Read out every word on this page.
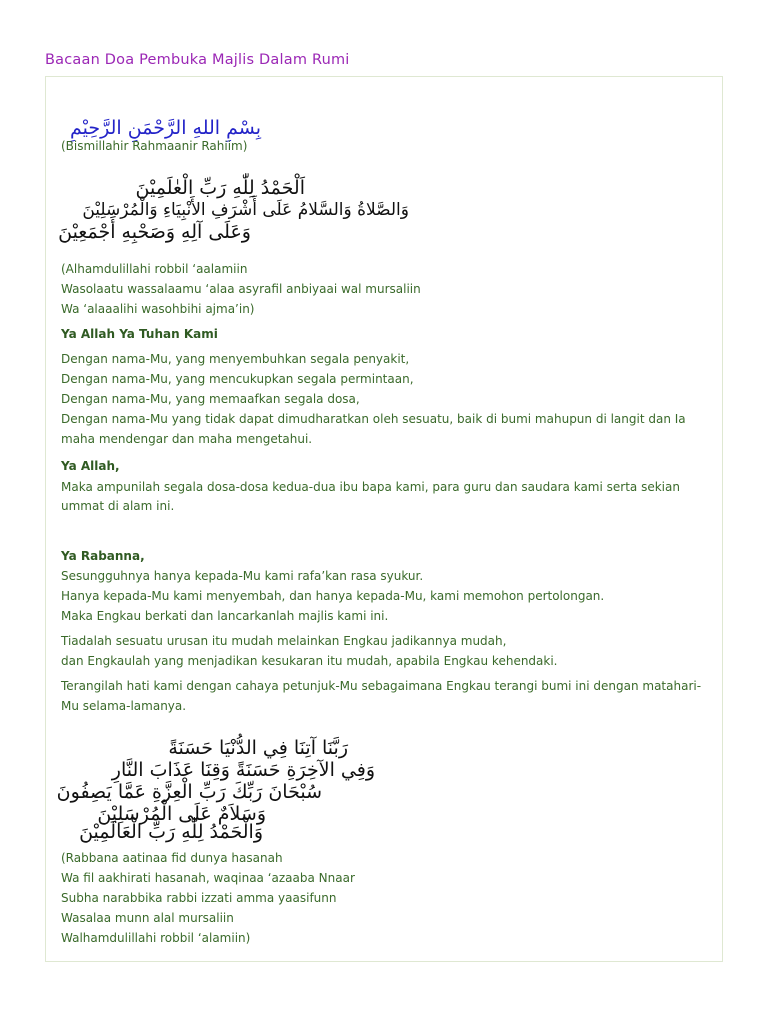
Bacaan Doa Pembuka Majlis Dalam Rumi
بِسْمِ اللهِ الرَّحْمَنِ الرَّحِيْمِ
(Bismillahir Rahmaanir Rahiim)
اَلْحَمْدُ لِلّٰهِ رَبِّ الْعٰلَمِيْنَ
وَالصَّلاةُ وَالسَّلامُ عَلَى أَشْرَفِ الأَنْبِيَاءِ وَالْمُرْسَلِيْنَ
وَعَلَى آلِهِ وَصَحْبِهِ أَجْمَعِيْنَ
(Alhamdulillahi robbil ‘aalamiin
Wasolaatu wassalaamu ‘alaa asyrafil anbiyaai wal mursaliin
Wa ‘alaaalihi wasohbihi ajma’in)
Ya Allah Ya Tuhan Kami
Dengan nama-Mu, yang menyembuhkan segala penyakit,
Dengan nama-Mu, yang mencukupkan segala permintaan,
Dengan nama-Mu, yang memaafkan segala dosa,
Dengan nama-Mu yang tidak dapat dimudharatkan oleh sesuatu, baik di bumi mahupun di langit dan Ia
maha mendengar dan maha mengetahui.
Ya Allah,
Maka ampunilah segala dosa-dosa kedua-dua ibu bapa kami, para guru dan saudara kami serta sekian
ummat di alam ini.
Ya Rabanna,
Sesungguhnya hanya kepada-Mu kami rafa’kan rasa syukur.
Hanya kepada-Mu kami menyembah, dan hanya kepada-Mu, kami memohon pertolongan.
Maka Engkau berkati dan lancarkanlah majlis kami ini.
Tiadalah sesuatu urusan itu mudah melainkan Engkau jadikannya mudah,
dan Engkaulah yang menjadikan kesukaran itu mudah, apabila Engkau kehendaki.
Terangilah hati kami dengan cahaya petunjuk-Mu sebagaimana Engkau terangi bumi ini dengan matahari-
Mu selama-lamanya.
رَبَّنَا آتِنَا فِي الدُّنْيَا حَسَنَةً
وَفِي الآخِرَةِ حَسَنَةً وَقِنَا عَذَابَ النَّارِ
سُبْحَانَ رَبِّكَ رَبِّ الْعِزَّةِ عَمَّا يَصِفُونَ
وَسَلاَمٌ عَلَى الْمُرْسَلِيْنَ
وَالْحَمْدُ لِلّٰهِ رَبِّ الْعَالَمِيْنَ
(Rabbana aatinaa fid dunya hasanah
Wa fil aakhirati hasanah, waqinaa ‘azaaba Nnaar
Subha narabbika rabbi izzati amma yaasifunn
Wasalaa munn alal mursaliin
Walhamdulillahi robbil ‘alamiin)
